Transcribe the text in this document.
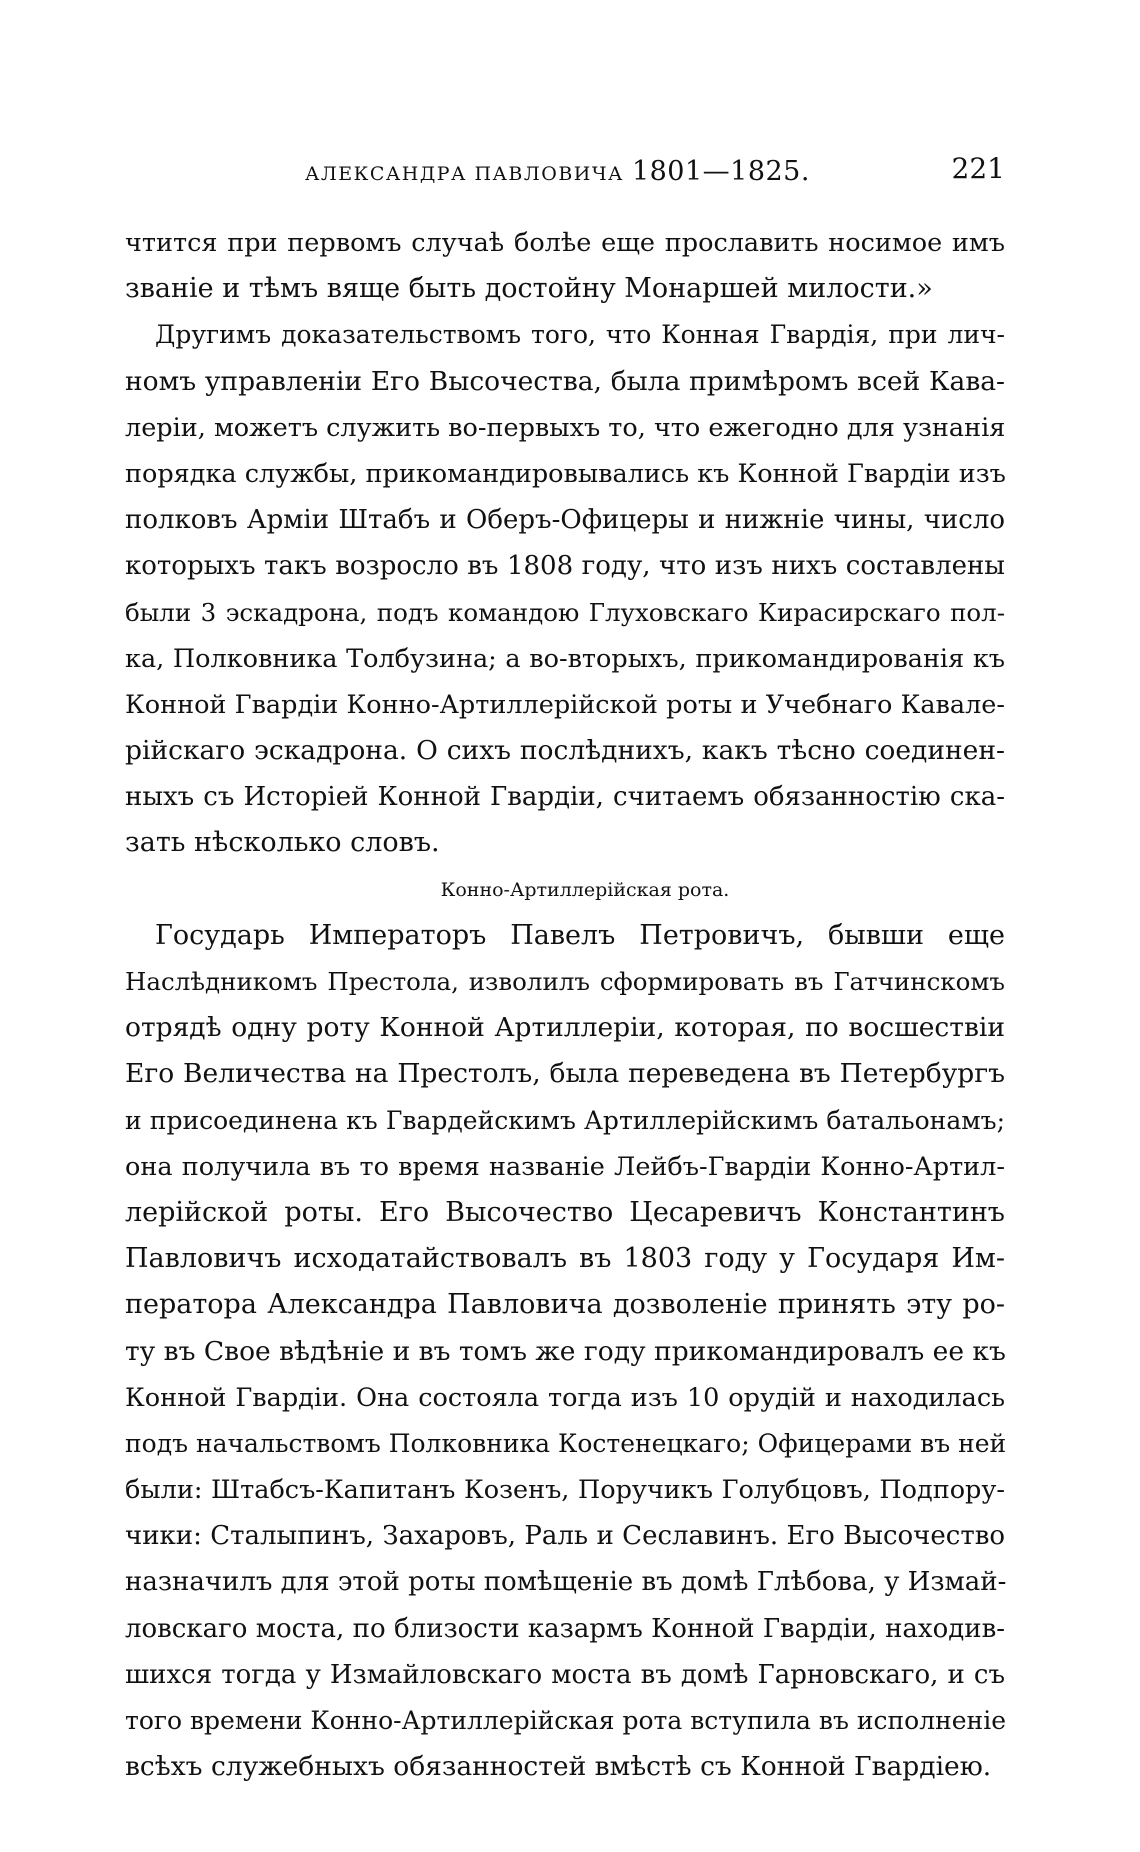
АЛЕКСАНДРА ПАВЛОВИЧА 1801—1825.	221
чтится при первомъ случаѣ болѣе еще прославить носимое имъ
званіе и тѣмъ вяще быть достойну Монаршей милости.»
Другимъ доказательствомъ того, что Конная Гвардія, при лич-
номъ управленіи Его Высочества, была примѣромъ всей Кава-
леріи, можетъ служить во-первыхъ то, что ежегодно для узнанія
порядка службы, прикомандировывались къ Конной Гвардіи изъ
полковъ Арміи Штабъ и Оберъ-Офицеры и нижніе чины, число
которыхъ такъ возросло въ 1808 году, что изъ нихъ составлены
были 3 эскадрона, подъ командою Глуховскаго Кирасирскаго пол-
ка, Полковника Толбузина; а во-вторыхъ, прикомандированія къ
Конной Гвардіи Конно-Артиллерійской роты и Учебнаго Кавале-
рійскаго эскадрона. О сихъ послѣднихъ, какъ тѣсно соединен-
ныхъ съ Исторіей Конной Гвардіи, считаемъ обязанностію ска-
зать нѣсколько словъ.
Конно-Артиллерійская рота.
Государь Императоръ Павелъ Петровичъ, бывши еще
Наслѣдникомъ Престола, изволилъ сформировать въ Гатчинскомъ
отрядѣ одну роту Конной Артиллеріи, которая, по восшествіи
Его Величества на Престолъ, была переведена въ Петербургъ
и присоединена къ Гвардейскимъ Артиллерійскимъ батальонамъ;
она получила въ то время названіе Лейбъ-Гвардіи Конно-Артил-
лерійской роты. Его Высочество Цесаревичъ Константинъ
Павловичъ исходатайствовалъ въ 1803 году у Государя Им-
ператора Александра Павловича дозволеніе принять эту ро-
ту въ Свое вѣдѣніе и въ томъ же году прикомандировалъ ее къ
Конной Гвардіи. Она состояла тогда изъ 10 орудій и находилась
подъ начальствомъ Полковника Костенецкаго; Офицерами въ ней
были: Штабсъ-Капитанъ Козенъ, Поручикъ Голубцовъ, Подпору-
чики: Сталыпинъ, Захаровъ, Раль и Сеславинъ. Его Высочество
назначилъ для этой роты помѣщеніе въ домѣ Глѣбова, у Измай-
ловскаго моста, по близости казармъ Конной Гвардіи, находив-
шихся тогда у Измайловскаго моста въ домѣ Гарновскаго, и съ
того времени Конно-Артиллерійская рота вступила въ исполненіе
всѣхъ служебныхъ обязанностей вмѣстѣ съ Конной Гвардіею.
